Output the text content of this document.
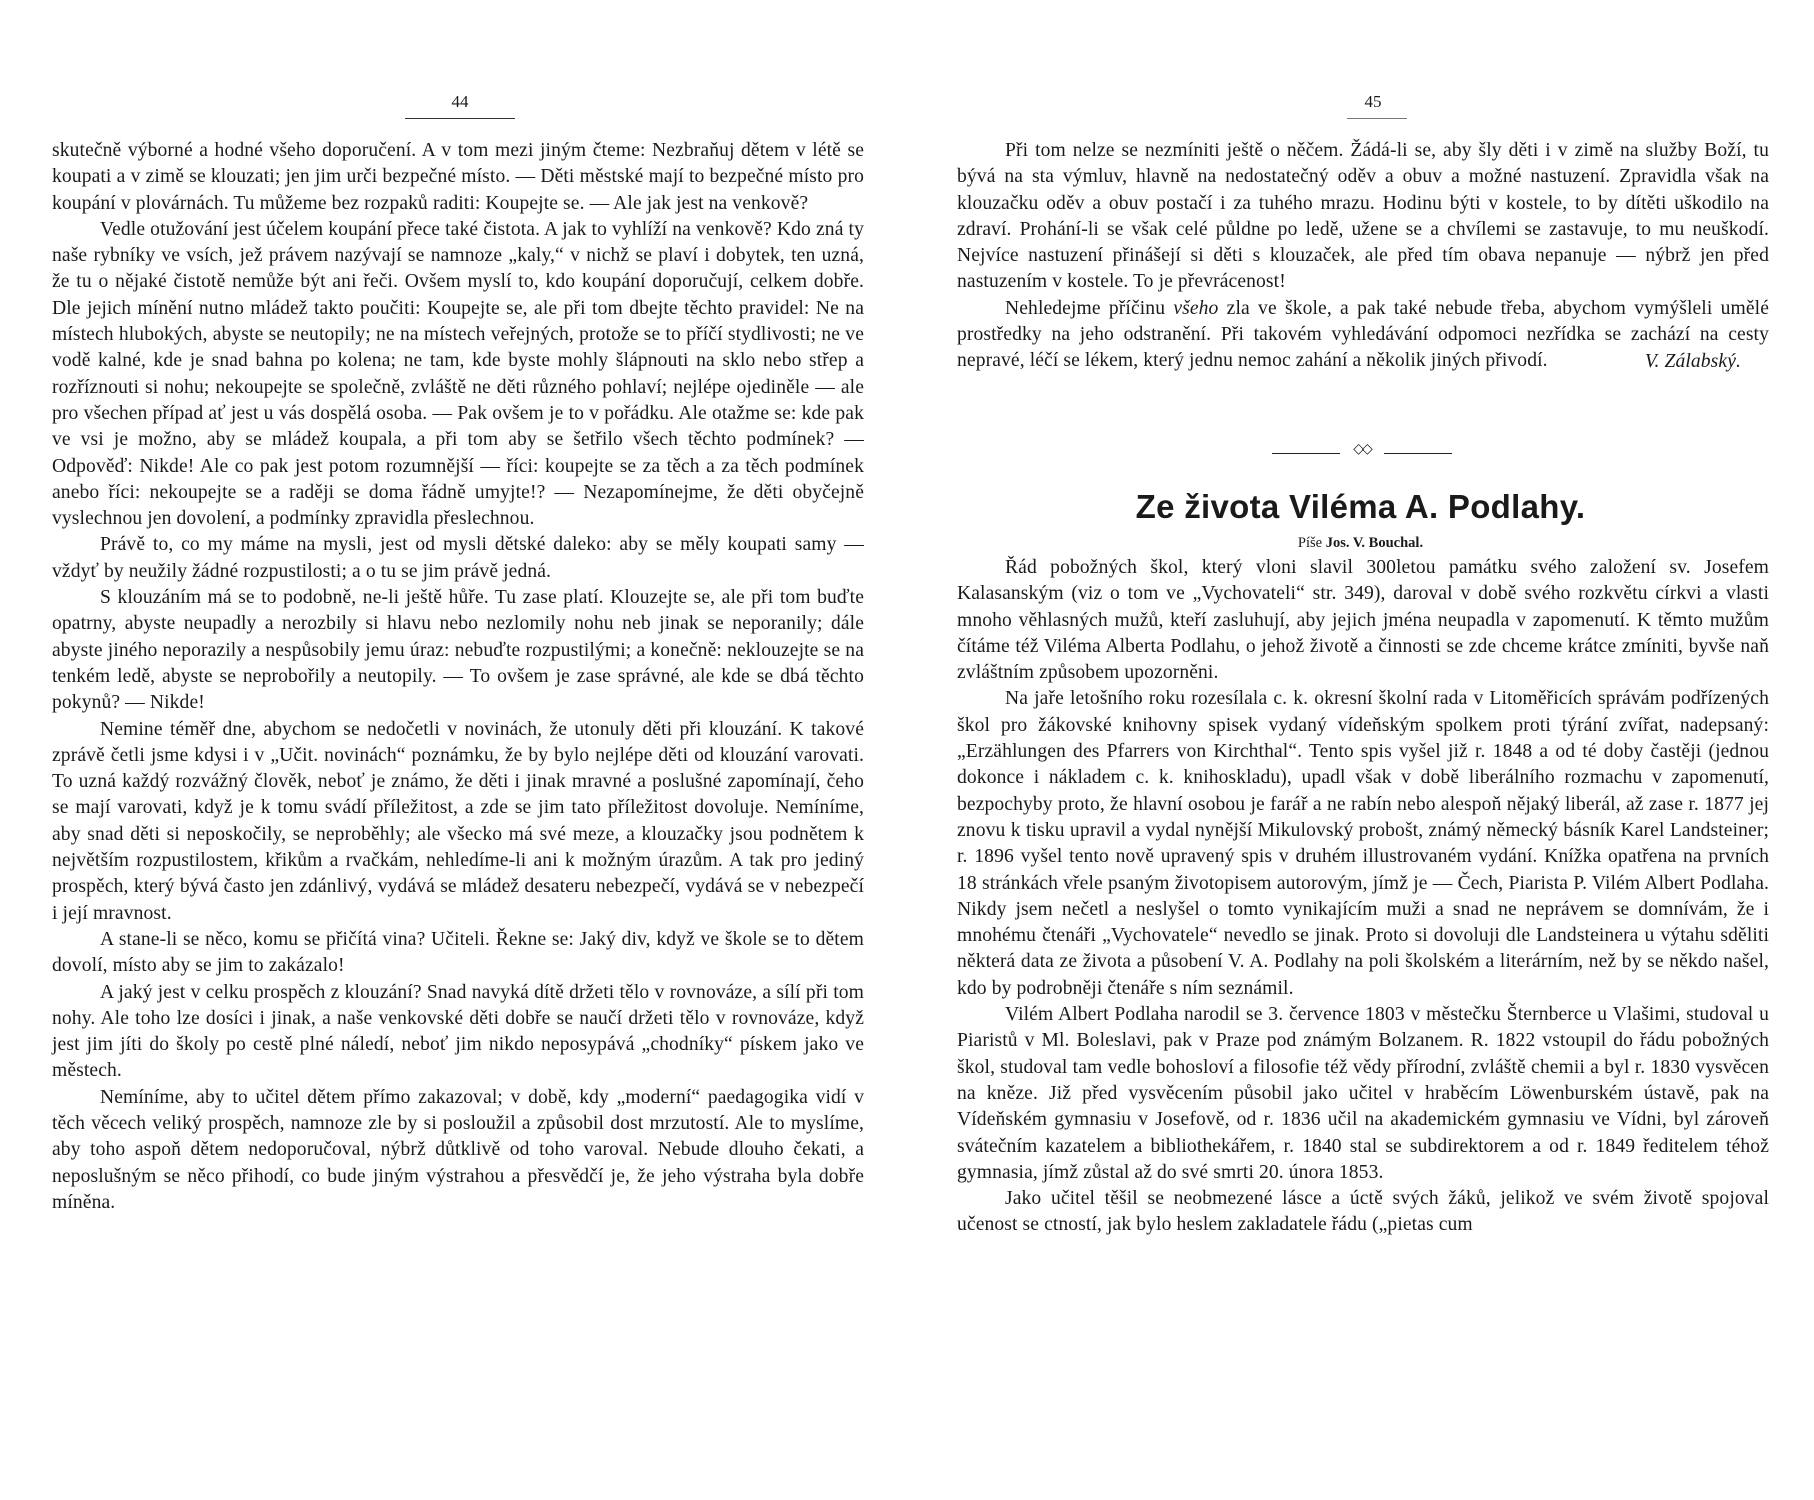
44

skutečně výborné a hodné všeho doporučení. A v tom mezi jiným čteme: Nezbraňuj dětem v létě se koupati a v zimě se klouzati; jen jim urči bezpečné místo. — Děti městské mají to bezpečné místo pro koupání v plovárnách. Tu můžeme bez rozpaků raditi: Koupejte se. — Ale jak jest na venkově?

Vedle otužování jest účelem koupání přece také čistota. A jak to vyhlíží na venkově? Kdo zná ty naše rybníky ve vsích, jež právem nazývají se namnoze „kaly,“ v nichž se plaví i dobytek, ten uzná, že tu o nějaké čistotě nemůže být ani řeči. Ovšem myslí to, kdo koupání doporučují, celkem dobře. Dle jejich mínění nutno mládež takto poučiti: Koupejte se, ale při tom dbejte těchto pravidel: Ne na místech hlubokých, abyste se neutopily; ne na místech veřejných, protože se to příčí stydlivosti; ne ve vodě kalné, kde je snad bahna po kolena; ne tam, kde byste mohly šlápnouti na sklo nebo střep a rozříznouti si nohu; nekoupejte se společně, zvláště ne děti různého pohlaví; nejlépe ojediněle — ale pro všechen případ ať jest u vás dospělá osoba. — Pak ovšem je to v pořádku. Ale otažme se: kde pak ve vsi je možno, aby se mládež koupala, a při tom aby se šetřilo všech těchto podmínek? — Odpověď: Nikde! Ale co pak jest potom rozumnější — říci: koupejte se za těch a za těch podmínek anebo říci: nekoupejte se a raději se doma řádně umyjte!? — Nezapomínejme, že děti obyčejně vyslechnou jen dovolení, a podmínky zpravidla přeslechnou.

Právě to, co my máme na mysli, jest od mysli dětské daleko: aby se měly koupati samy — vždyť by neužily žádné rozpustilosti; a o tu se jim právě jedná.

S klouzáním má se to podobně, ne-li ještě hůře. Tu zase platí. Klouzejte se, ale při tom buďte opatrny, abyste neupadly a nerozbily si hlavu nebo nezlomily nohu neb jinak se neporanily; dále abyste jiného neporazily a nespůsobily jemu úraz: nebuďte rozpustilými; a konečně: neklouzejte se na tenkém ledě, abyste se neprobořily a neutopily. — To ovšem je zase správné, ale kde se dbá těchto pokynů? — Nikde!

Nemine téměř dne, abychom se nedočetli v novinách, že utonuly děti při klouzání. K takové zprávě četli jsme kdysi i v „Učit. novinách“ poznámku, že by bylo nejlépe děti od klouzání varovati. To uzná každý rozvážný člověk, neboť je známo, že děti i jinak mravné a poslušné zapomínají, čeho se mají varovati, když je k tomu svádí příležitost, a zde se jim tato příležitost dovoluje. Nemíníme, aby snad děti si neposkočily, se neproběhly; ale všecko má své meze, a klouzačky jsou podnětem k největším rozpustilostem, křikům a rvačkám, nehledíme-li ani k možným úrazům. A tak pro jediný prospěch, který bývá často jen zdánlivý, vydává se mládež desateru nebezpečí, vydává se v nebezpečí i její mravnost.

A stane-li se něco, komu se přičítá vina? Učiteli. Řekne se: Jaký div, když ve škole se to dětem dovolí, místo aby se jim to zakázalo!

A jaký jest v celku prospěch z klouzání? Snad navyká dítě držeti tělo v rovnováze, a sílí při tom nohy. Ale toho lze dosíci i jinak, a naše venkovské děti dobře se naučí držeti tělo v rovnováze, když jest jim jíti do školy po cestě plné náledí, neboť jim nikdo neposypává „chodníky“ pískem jako ve městech.

Nemíníme, aby to učitel dětem přímo zakazoval; v době, kdy „moderní“ paedagogika vidí v těch věcech veliký prospěch, namnoze zle by si posloužil a způsobil dost mrzutostí. Ale to myslíme, aby toho aspoň dětem nedoporučoval, nýbrž důtklivě od toho varoval. Nebude dlouho čekati, a neposlušným se něco přihodí, co bude jiným výstrahou a přesvědčí je, že jeho výstraha byla dobře míněna.

45

Při tom nelze se nezmíniti ještě o něčem. Žádá-li se, aby šly děti i v zimě na služby Boží, tu bývá na sta výmluv, hlavně na nedostatečný oděv a obuv a možné nastuzení. Zpravidla však na klouzačku oděv a obuv postačí i za tuhého mrazu. Hodinu býti v kostele, to by dítěti uškodilo na zdraví. Prohání-li se však celé půldne po ledě, užene se a chvílemi se zastavuje, to mu neuškodí. Nejvíce nastuzení přinášejí si děti s klouzaček, ale před tím obava nepanuje — nýbrž jen před nastuzením v kostele. To je převrácenost!

Nehledejme příčinu všeho zla ve škole, a pak také nebude třeba, abychom vymýšleli umělé prostředky na jeho odstranění. Při takovém vyhledávání odpomoci nezřídka se zachází na cesty nepravé, léčí se lékem, který jednu nemoc zahání a několik jiných přivodí.	V. Zálabský.
◇◇
Ze života Viléma A. Podlahy.
Píše Jos. V. Bouchal.

Řád pobožných škol, který vloni slavil 300letou památku svého založení sv. Josefem Kalasanským (viz o tom ve „Vychovateli“ str. 349), daroval v době svého rozkvětu církvi a vlasti mnoho věhlasných mužů, kteří zasluhují, aby jejich jména neupadla v zapomenutí. K těmto mužům čítáme též Viléma Alberta Podlahu, o jehož životě a činnosti se zde chceme krátce zmíniti, byvše naň zvláštním způsobem upozorněni.

Na jaře letošního roku rozesílala c. k. okresní školní rada v Litoměřicích správám podřízených škol pro žákovské knihovny spisek vydaný vídeňským spolkem proti týrání zvířat, nadepsaný: „Erzählungen des Pfarrers von Kirchthal“. Tento spis vyšel již r. 1848 a od té doby častěji (jednou dokonce i nákladem c. k. knihoskladu), upadl však v době liberálního rozmachu v zapomenutí, bezpochyby proto, že hlavní osobou je farář a ne rabín nebo alespoň nějaký liberál, až zase r. 1877 jej znovu k tisku upravil a vydal nynější Mikulovský probošt, známý německý básník Karel Landsteiner; r. 1896 vyšel tento nově upravený spis v druhém illustrovaném vydání. Knížka opatřena na prvních 18 stránkách vřele psaným životopisem autorovým, jímž je — Čech, Piarista P. Vilém Albert Podlaha. Nikdy jsem nečetl a neslyšel o tomto vynikajícím muži a snad ne neprávem se domnívám, že i mnohému čtenáři „Vychovatele“ nevedlo se jinak. Proto si dovoluji dle Landsteinera u výtahu sděliti některá data ze života a působení V. A. Podlahy na poli školském a literárním, než by se někdo našel, kdo by podrobněji čtenáře s ním seznámil.

Vilém Albert Podlaha narodil se 3. července 1803 v městečku Šternberce u Vlašimi, studoval u Piaristů v Ml. Boleslavi, pak v Praze pod známým Bolzanem. R. 1822 vstoupil do řádu pobožných škol, studoval tam vedle bohosloví a filosofie též vědy přírodní, zvláště chemii a byl r. 1830 vysvěcen na kněze. Již před vysvěcením působil jako učitel v hraběcím Löwenburském ústavě, pak na Vídeňském gymnasiu v Josefově, od r. 1836 učil na akademickém gymnasiu ve Vídni, byl zároveň svátečním kazatelem a bibliothekářem, r. 1840 stal se subdirektorem a od r. 1849 ředitelem téhož gymnasia, jímž zůstal až do své smrti 20. února 1853.

Jako učitel těšil se neobmezené lásce a úctě svých žáků, jelikož ve svém životě spojoval učenost se ctností, jak bylo heslem zakladatele řádu („pietas cum
